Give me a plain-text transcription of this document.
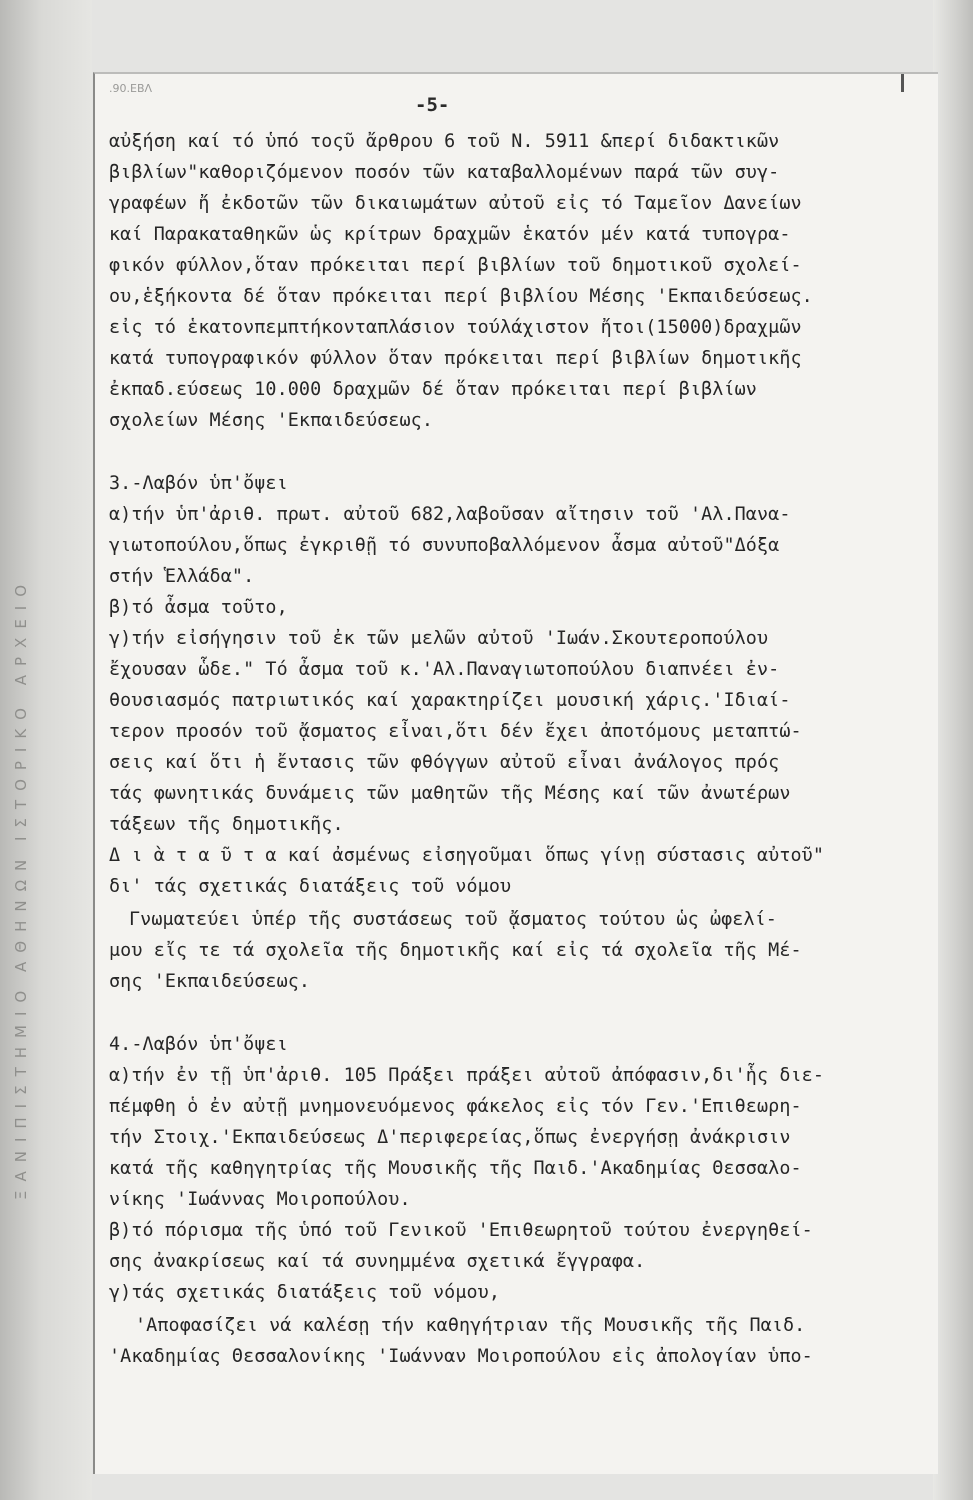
ΞΑΝΙΠΙΣΤΗΜΙΟ
ΑΘΗΝΩΝ
ΙΣΤΟΡΙΚΟ ΑΡΧΕΙΟ
.90.ΕΒΛ
-5-
αὐξήση καί τό ὑπό τοςῦ ἄρθρου 6 τοῦ Ν. 5911 &περί διδακτικῶν
βιβλίων"καθοριζόμενον ποσόν τῶν καταβαλλομένων παρά τῶν συγ-
γραφέων ἤ ἐκδοτῶν τῶν δικαιωμάτων αὐτοῦ εἰς τό Ταμεῖον Δανείων
καί Παρακαταθηκῶν ὡς κρίτρων δραχμῶν ἑκατόν μέν κατά τυπογρα-
φικόν φύλλον,ὅταν πρόκειται περί βιβλίων τοῦ δημοτικοῦ σχολεί-
ου,ἑξήκοντα δέ ὅταν πρόκειται περί βιβλίου Μέσης 'Εκπαιδεύσεως.
εἰς τό ἑκατονπεμπτήκονταπλάσιον τούλάχιστον ἤτοι(15000)δραχμῶν
κατά τυπογραφικόν φύλλον ὅταν πρόκειται περί βιβλίων δημοτικῆς
ἐκπαδ.εύσεως 10.000 δραχμῶν δέ ὅταν πρόκειται περί βιβλίων
σχολείων Μέσης 'Εκπαιδεύσεως.
3.-Λαβόν ὑπ'ὄψει
α)τήν ὑπ'ἀριθ. πρωτ. αὐτοῦ 682,λαβοῦσαν αἴτησιν τοῦ 'Αλ.Πανα-
γιωτοπούλου,ὅπως ἐγκριθῇ τό συνυποβαλλόμενον ἆσμα αὐτοῦ"Δόξα
στήν Ἑλλάδα".
β)τό ἆσμα τοῦτο,
γ)τήν εἰσήγησιν τοῦ ἐκ τῶν μελῶν αὐτοῦ 'Ιωάν.Σκουτεροπούλου
ἔχουσαν ὧδε." Τό ἆσμα τοῦ κ.'Αλ.Παναγιωτοπούλου διαπνέει ἐν-
θουσιασμός πατριωτικός καί χαρακτηρίζει μουσική χάρις.'Ιδιαί-
τερον προσόν τοῦ ᾄσματος εἶναι,ὅτι δέν ἔχει ἀποτόμους μεταπτώ-
σεις καί ὅτι ἡ ἔντασις τῶν φθόγγων αὐτοῦ εἶναι ἀνάλογος πρός
τάς φωνητικάς δυνάμεις τῶν μαθητῶν τῆς Μέσης καί τῶν ἀνωτέρων
τάξεων τῆς δημοτικῆς.
Δ ι ὰ τ α ῦ τ α καί ἀσμένως εἰσηγοῦμαι ὅπως γίνῃ σύστασις αὐτοῦ"
δι' τάς σχετικάς διατάξεις τοῦ νόμου
Γνωματεύει ὑπέρ τῆς συστάσεως τοῦ ᾄσματος τούτου ὡς ὠφελί-
μου εἴς τε τά σχολεῖα τῆς δημοτικῆς καί εἰς τά σχολεῖα τῆς Μέ-
σης 'Εκπαιδεύσεως.
4.-Λαβόν ὑπ'ὄψει
α)τήν ἐν τῇ ὑπ'ἀριθ. 105 Πράξει πράξει αὐτοῦ ἀπόφασιν,δι'ἧς διε-
πέμφθη ὁ ἐν αὐτῇ μνημονευόμενος φάκελος εἰς τόν Γεν.'Επιθεωρη-
τήν Στοιχ.'Εκπαιδεύσεως Δ'περιφερείας,ὅπως ἐνεργήσῃ ἀνάκρισιν
κατά τῆς καθηγητρίας τῆς Μουσικῆς τῆς Παιδ.'Ακαδημίας Θεσσαλο-
νίκης 'Ιωάννας Μοιροπούλου.
β)τό πόρισμα τῆς ὑπό τοῦ Γενικοῦ 'Επιθεωρητοῦ τούτου ἐνεργηθεί-
σης ἀνακρίσεως καί τά συνημμένα σχετικά ἔγγραφα.
γ)τάς σχετικάς διατάξεις τοῦ νόμου,
'Αποφασίζει νά καλέσῃ τήν καθηγήτριαν τῆς Μουσικῆς τῆς Παιδ.
'Ακαδημίας Θεσσαλονίκης 'Ιωάνναν Μοιροπούλου εἰς ἀπολογίαν ὑπο-
